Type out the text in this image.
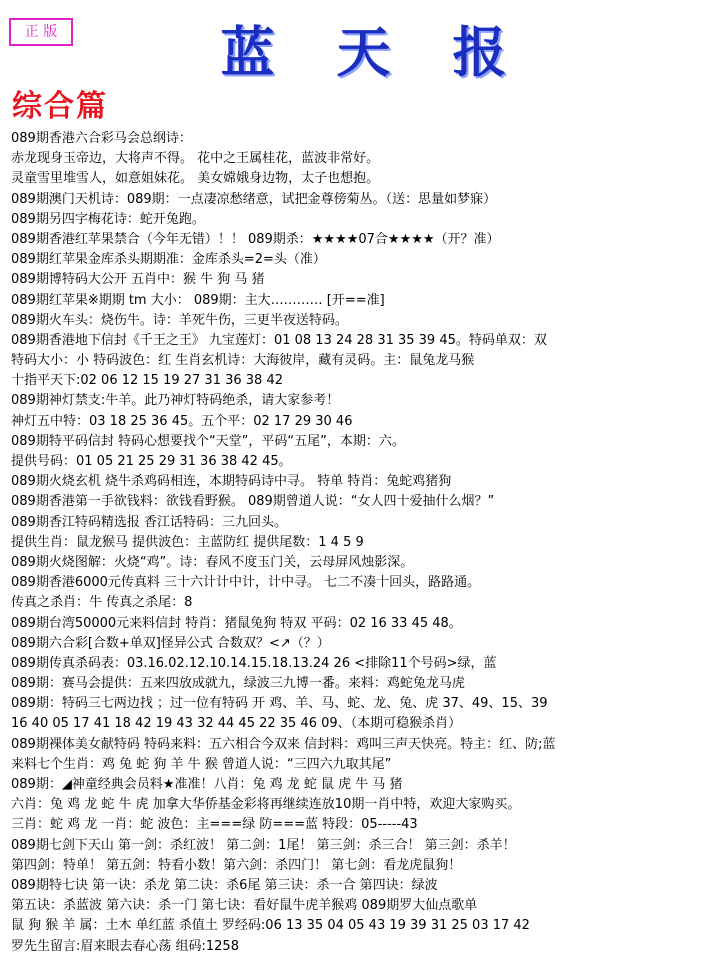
正 版	蓝天报
综合篇
089期香港六合彩马会总纲诗：
赤龙现身玉帝边，大将声不得。 花中之王属桂花，蓝波非常好。
灵童雪里堆雪人，如意姐妹花。 美女嫦娥身边物，太子也想抱。
089期澳门天机诗：089期：一点凄凉愁绪意，试把金尊傍菊丛。（送：思量如梦寐）
089期另四字梅花诗：蛇开兔跑。
089期香港红苹果禁合（今年无错）！！ 089期杀：★★★★07合★★★★（开？准）
089期红苹果金库杀头期期准：金库杀头=2=头（准）
089期博特码大公开 五肖中：猴 牛 狗 马 猪
089期红苹果※期期 tm 大小： 089期：主大………… [开==准]
089期火车头：烧伤牛。诗：羊死牛伤，三更半夜送特码。
089期香港地下信封《千王之王》 九宝莲灯：01 08 13 24 28 31 35 39 45。特码单双：双
特码大小：小 特码波色：红 生肖玄机诗：大海彼岸，藏有灵码。主：鼠兔龙马猴
十指平天下:02 06 12 15 19 27 31 36 38 42
089期神灯禁支:牛羊。此乃神灯特码绝杀，请大家参考！
神灯五中特：03 18 25 36 45。五个平：02 17 29 30 46
089期特平码信封 特码心想要找个“天堂”，平码“五尾”，本期：六。
提供号码：01 05 21 25 29 31 36 38 42 45。
089期火烧玄机 烧牛杀鸡码相连，本期特码诗中寻。 特单 特肖：兔蛇鸡猪狗
089期香港第一手欲钱料：欲钱看野猴。 089期曾道人说：“女人四十爱抽什么烟？”
089期香江特码精选报 香江话特码：三九回头。
提供生肖：鼠龙猴马 提供波色：主蓝防红 提供尾数：1 4 5 9
089期火烧图解：火烧“鸡”。诗：春风不度玉门关，云母屏风烛影深。
089期香港6000元传真料 三十六计计中计，计中寻。 七二不凑十回头，路路通。
传真之杀肖：牛 传真之杀尾：8
089期台湾50000元来料信封 特肖：猪鼠兔狗 特双 平码：02 16 33 45 48。
089期六合彩[合数+单双]怪异公式 合数双？<↗（？）
089期传真杀码表：03.16.02.12.10.14.15.18.13.24 26 <排除11个号码>绿，蓝
089期：赛马会提供：五来四放成就九，绿波三九博一番。来料：鸡蛇兔龙马虎
089期：特码三七两边找 ；过一位有特码 开 鸡、羊、马、蛇、龙、兔、虎 37、49、15、39
16 40 05 17 41 18 42 19 43 32 44 45 22 35 46 09、（本期可稳猴杀肖）
089期裸体美女献特码 特码来料：五六相合今双来 信封料：鸡叫三声天快亮。特主：红、防;蓝
来料七个生肖：鸡 兔 蛇 狗 羊 牛 猴 曾道人说：“三四六九取其尾”
089期：◢神童经典会员料★准准！八肖：兔 鸡 龙 蛇 鼠 虎 牛 马 猪
六肖：兔 鸡 龙 蛇 牛 虎 加拿大华侨基金彩将再继续连放10期一肖中特，欢迎大家购买。
三肖：蛇 鸡 龙 一肖：蛇 波色：主===绿 防===蓝 特段：05-----43
089期七剑下天山 第一剑：杀红波！ 第二剑：1尾！ 第三剑：杀三合！ 第三剑：杀羊！
第四剑：特单！ 第五剑：特看小数！第六剑：杀四门！ 第七剑：看龙虎鼠狗！
089期特七诀 第一诀：杀龙 第二诀：杀6尾 第三诀：杀一合 第四诀：绿波
第五诀：杀蓝波 第六诀：杀一门 第七诀：看好鼠牛虎羊猴鸡 089期罗大仙点歌单
鼠 狗 猴 羊 属：土木 单红蓝 杀值土 罗经码:06 13 35 04 05 43 19 39 31 25 03 17 42
罗先生留言:眉来眼去春心荡 组码:1258
